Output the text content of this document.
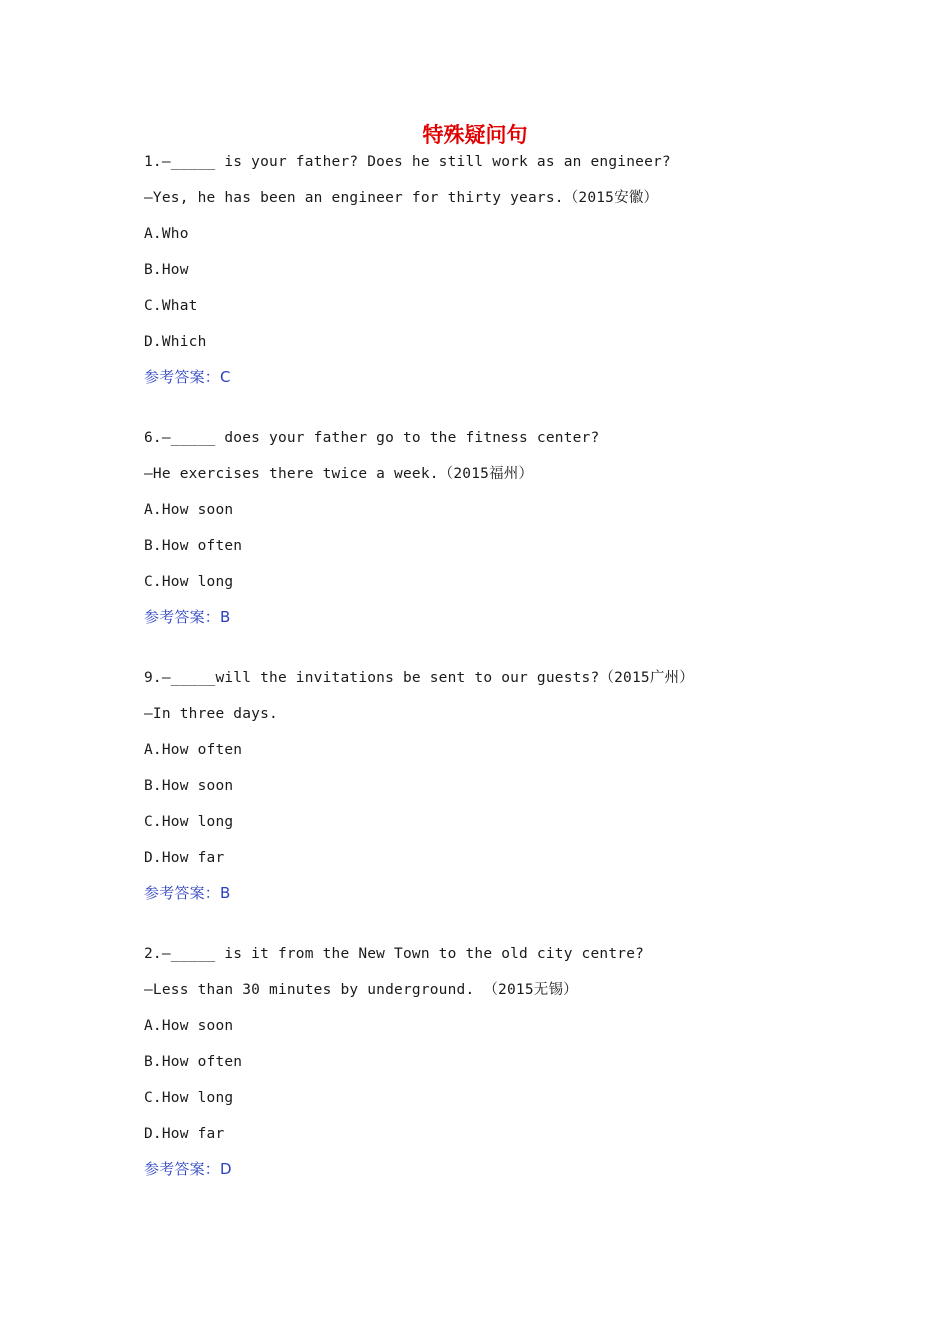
特殊疑问句
1.—_____ is your father? Does he still work as an engineer?
—Yes, he has been an engineer for thirty years.（2015安徽）
A.Who
B.How
C.What
D.Which
参考答案：C
6.—_____ does your father go to the fitness center?
—He exercises there twice a week.（2015福州）
A.How soon
B.How often
C.How long
参考答案：B
9.—_____will the invitations be sent to our guests?（2015广州）
—In three days.
A.How often
B.How soon
C.How long
D.How far
参考答案：B
2.—_____ is it from the New Town to the old city centre?
—Less than 30 minutes by underground. （2015无锡）
A.How soon
B.How often
C.How long
D.How far
参考答案：D
